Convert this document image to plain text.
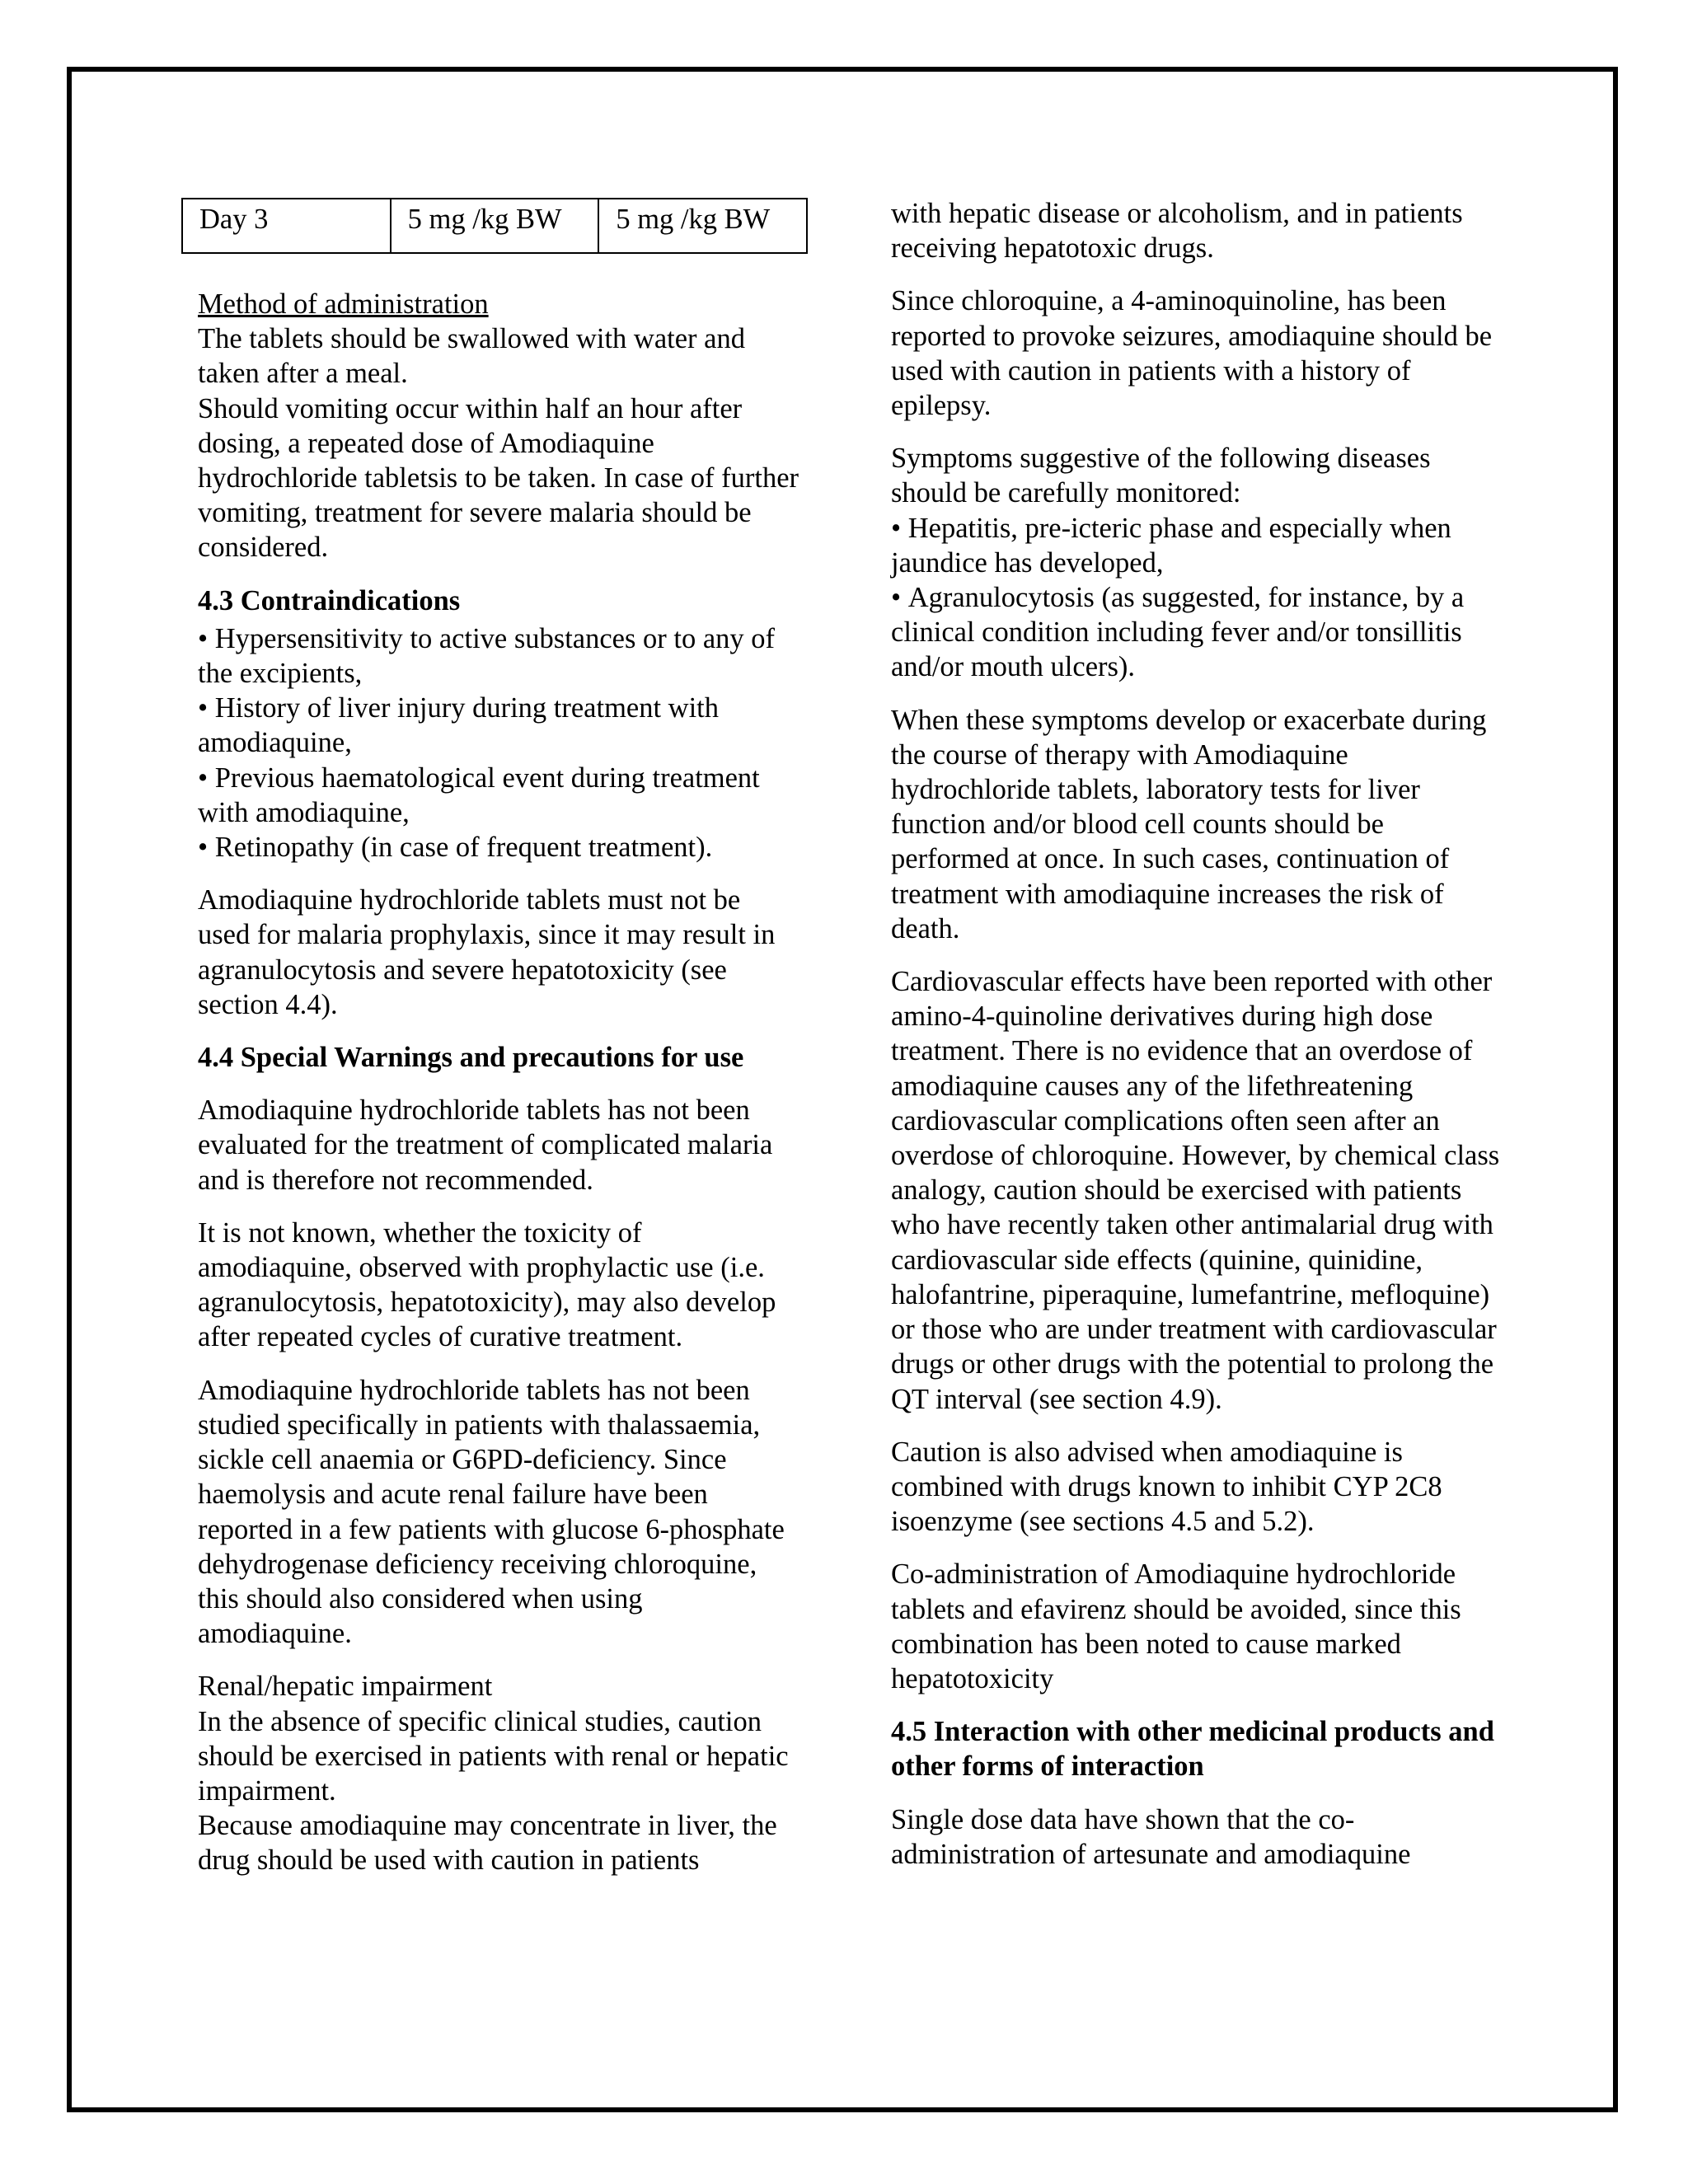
Day 3	5 mg /kg BW	5 mg /kg BW

Method of administration
The tablets should be swallowed with water and taken after a meal.
Should vomiting occur within half an hour after dosing, a repeated dose of Amodiaquine hydrochloride tabletsis to be taken. In case of further vomiting, treatment for severe malaria should be considered.

4.3 Contraindications

• Hypersensitivity to active substances or to any of the excipients,
• History of liver injury during treatment with amodiaquine,
• Previous haematological event during treatment with amodiaquine,
• Retinopathy (in case of frequent treatment).

Amodiaquine hydrochloride tablets must not be used for malaria prophylaxis, since it may result in agranulocytosis and severe hepatotoxicity (see section 4.4).

4.4 Special Warnings and precautions for use

Amodiaquine hydrochloride tablets has not been evaluated for the treatment of complicated malaria and is therefore not recommended.

It is not known, whether the toxicity of amodiaquine, observed with prophylactic use (i.e. agranulocytosis, hepatotoxicity), may also develop after repeated cycles of curative treatment.

Amodiaquine hydrochloride tablets has not been studied specifically in patients with thalassaemia, sickle cell anaemia or G6PD-deficiency. Since haemolysis and acute renal failure have been reported in a few patients with glucose 6-phosphate dehydrogenase deficiency receiving chloroquine, this should also considered when using amodiaquine.

Renal/hepatic impairment
In the absence of specific clinical studies, caution should be exercised in patients with renal or hepatic impairment.
Because amodiaquine may concentrate in liver, the drug should be used with caution in patients

with hepatic disease or alcoholism, and in patients receiving hepatotoxic drugs.

Since chloroquine, a 4-aminoquinoline, has been reported to provoke seizures, amodiaquine should be used with caution in patients with a history of epilepsy.

Symptoms suggestive of the following diseases should be carefully monitored:
• Hepatitis, pre-icteric phase and especially when jaundice has developed,
• Agranulocytosis (as suggested, for instance, by a clinical condition including fever and/or tonsillitis and/or mouth ulcers).

When these symptoms develop or exacerbate during the course of therapy with Amodiaquine hydrochloride tablets, laboratory tests for liver function and/or blood cell counts should be performed at once. In such cases, continuation of treatment with amodiaquine increases the risk of death.

Cardiovascular effects have been reported with other amino-4-quinoline derivatives during high dose treatment. There is no evidence that an overdose of amodiaquine causes any of the lifethreatening cardiovascular complications often seen after an overdose of chloroquine. However, by chemical class analogy, caution should be exercised with patients who have recently taken other antimalarial drug with cardiovascular side effects (quinine, quinidine, halofantrine, piperaquine, lumefantrine, mefloquine) or those who are under treatment with cardiovascular drugs or other drugs with the potential to prolong the QT interval (see section 4.9).

Caution is also advised when amodiaquine is combined with drugs known to inhibit CYP 2C8 isoenzyme (see sections 4.5 and 5.2).

Co-administration of Amodiaquine hydrochloride tablets and efavirenz should be avoided, since this combination has been noted to cause marked hepatotoxicity

4.5 Interaction with other medicinal products and other forms of interaction

Single dose data have shown that the co-administration of artesunate and amodiaquine
